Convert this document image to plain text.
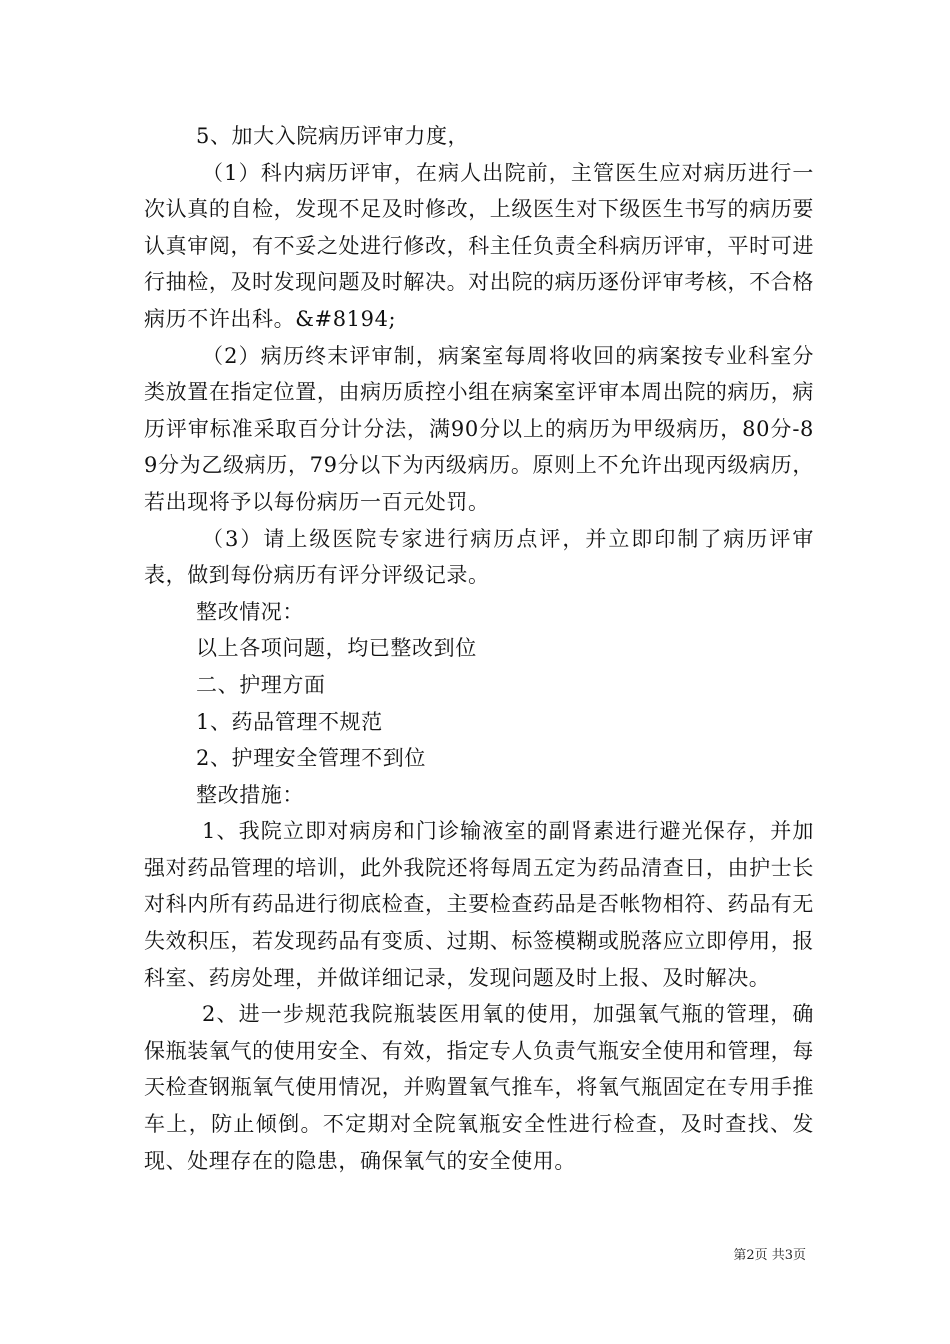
5、加大入院病历评审力度，

（1）科内病历评审，在病人出院前，主管医生应对病历进行一次认真的自检，发现不足及时修改，上级医生对下级医生书写的病历要认真审阅，有不妥之处进行修改，科主任负责全科病历评审，平时可进行抽检，及时发现问题及时解决。对出院的病历逐份评审考核，不合格病历不许出科。&#8194;

（2）病历终末评审制，病案室每周将收回的病案按专业科室分类放置在指定位置，由病历质控小组在病案室评审本周出院的病历，病历评审标准采取百分计分法，满90分以上的病历为甲级病历，80分-89分为乙级病历，79分以下为丙级病历。原则上不允许出现丙级病历，若出现将予以每份病历一百元处罚。

（3）请上级医院专家进行病历点评，并立即印制了病历评审表，做到每份病历有评分评级记录。

整改情况：

以上各项问题，均已整改到位

二、护理方面

1、药品管理不规范

2、护理安全管理不到位

整改措施：

1、我院立即对病房和门诊输液室的副肾素进行避光保存，并加强对药品管理的培训，此外我院还将每周五定为药品清查日，由护士长对科内所有药品进行彻底检查，主要检查药品是否帐物相符、药品有无失效积压，若发现药品有变质、过期、标签模糊或脱落应立即停用，报科室、药房处理，并做详细记录，发现问题及时上报、及时解决。

2、进一步规范我院瓶装医用氧的使用，加强氧气瓶的管理，确保瓶装氧气的使用安全、有效，指定专人负责气瓶安全使用和管理，每天检查钢瓶氧气使用情况，并购置氧气推车，将氧气瓶固定在专用手推车上，防止倾倒。不定期对全院氧瓶安全性进行检查，及时查找、发现、处理存在的隐患，确保氧气的安全使用。

第2页 共3页
